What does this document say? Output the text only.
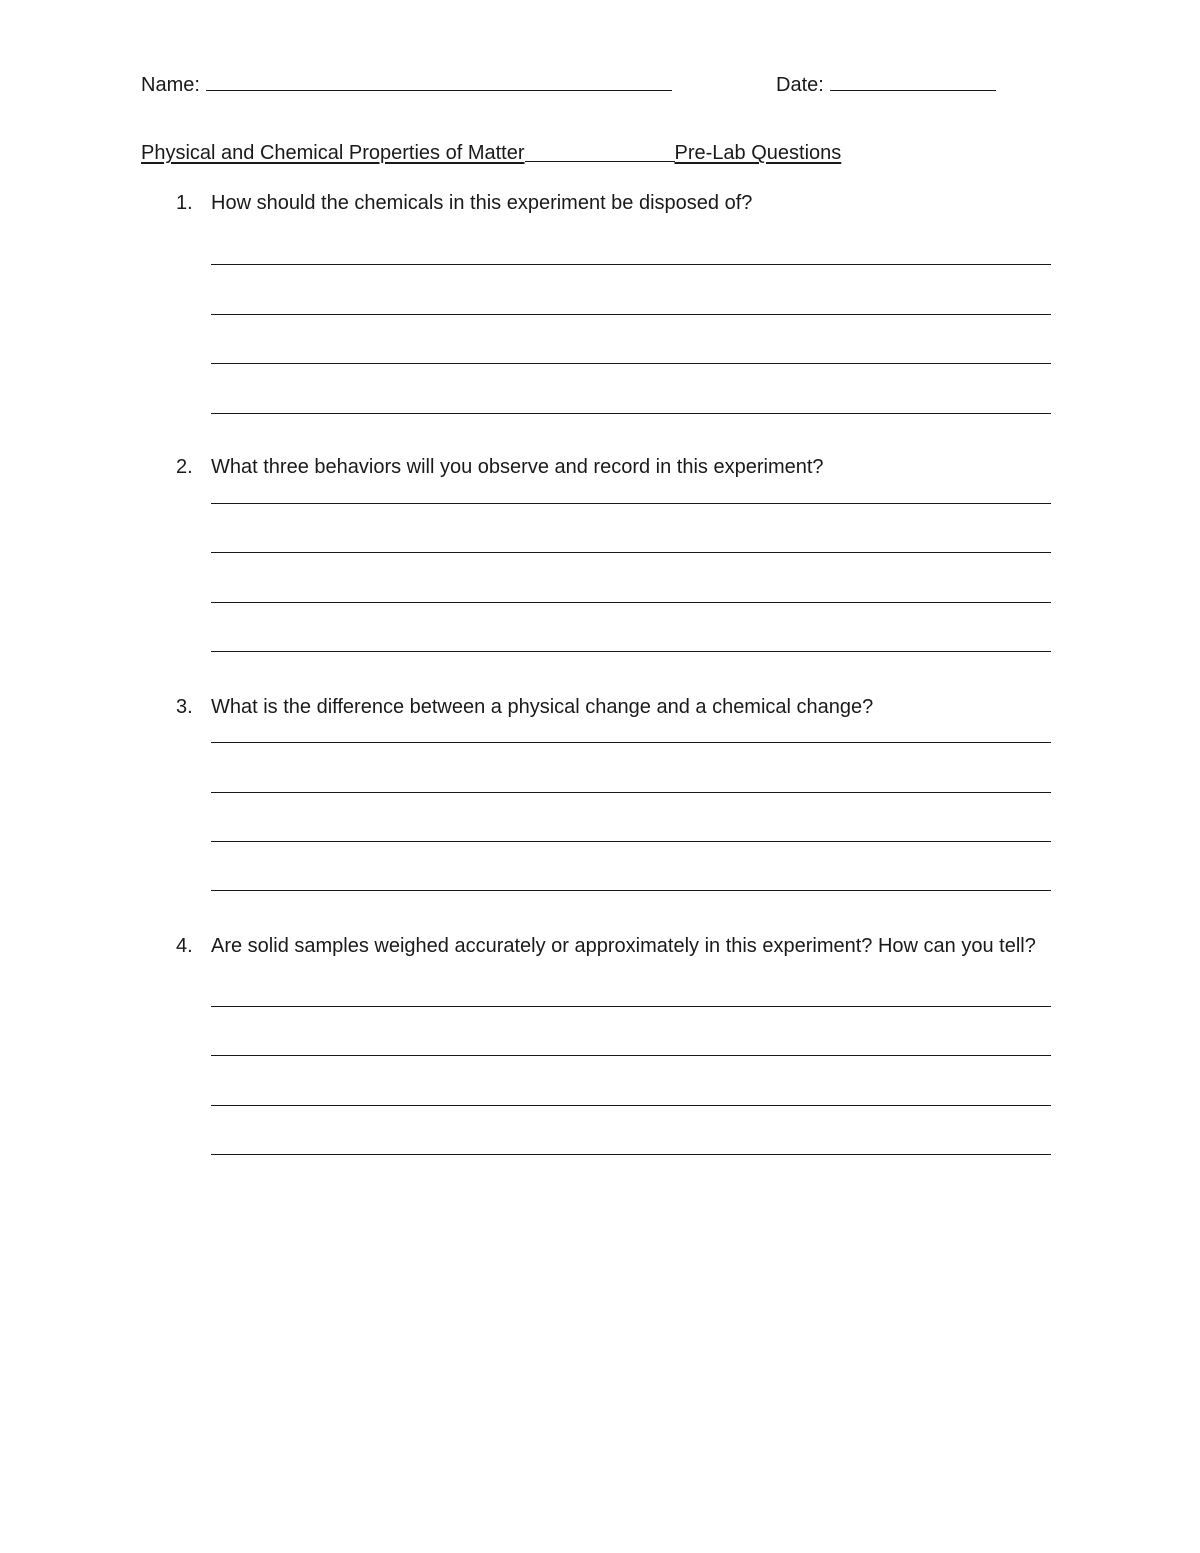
Name:	Date:
Physical and Chemical Properties of Matter	Pre-Lab Questions
1. How should the chemicals in this experiment be disposed of?
2. What three behaviors will you observe and record in this experiment?
3. What is the difference between a physical change and a chemical change?
4. Are solid samples weighed accurately or approximately in this experiment? How can you tell?
